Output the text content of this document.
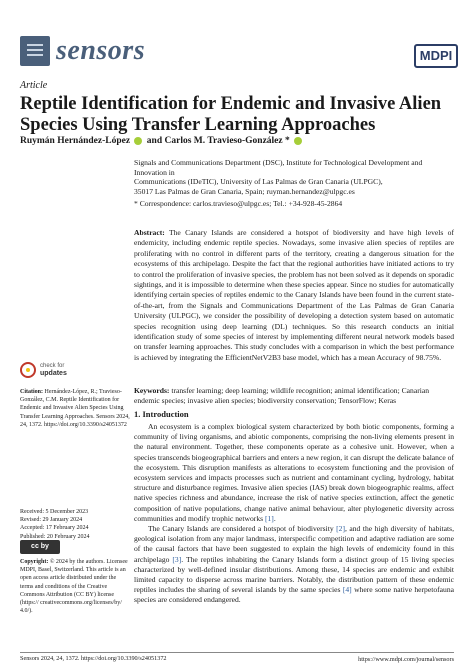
sensors	MDPI
Article
Reptile Identification for Endemic and Invasive Alien Species Using Transfer Learning Approaches
Ruymán Hernández-López and Carlos M. Travieso-González *
Signals and Communications Department (DSC), Institute for Technological Development and Innovation in
Communications (IDeTIC), University of Las Palmas de Gran Canaria (ULPGC),
35017 Las Palmas de Gran Canaria, Spain; ruyman.hernandez@ulpgc.es
* Correspondence: carlos.travieso@ulpgc.es; Tel.: +34-928-45-2864
Abstract: The Canary Islands are considered a hotspot of biodiversity and have high levels of endemicity, including endemic reptile species. Nowadays, some invasive alien species of reptiles are proliferating with no control in different parts of the territory, creating a dangerous situation for the ecosystems of this archipelago. Despite the fact that the regional authorities have initiated actions to try to control the proliferation of invasive species, the problem has not been solved as it depends on sporadic sightings, and it is impossible to determine when these species appear. Since no studies for automatically identifying certain species of reptiles endemic to the Canary Islands have been found in the current state-of-the-art, from the Signals and Communications Department of the Las Palmas de Gran Canaria University (ULPGC), we consider the possibility of developing a detection system based on automatic species recognition using deep learning (DL) techniques. So this research conducts an initial identification study of some species of interest by implementing different neural network models based on transfer learning approaches. This study concludes with a comparison in which the best performance is achieved by integrating the EfficientNetV2B3 base model, which has a mean Accuracy of 98.75%.
Keywords: transfer learning; deep learning; wildlife recognition; animal identification; Canarian endemic species; invasive alien species; biodiversity conservation; TensorFlow; Keras
1. Introduction

An ecosystem is a complex biological system characterized by both biotic components, forming a community of living organisms, and abiotic components, comprising the non-living elements present in the natural environment. Together, these components operate as a cohesive unit. However, when a species transcends biogeographical barriers and enters a new region, it can disrupt the delicate balance of the ecosystem. This disruption manifests as alterations to ecosystem functioning and the provision of ecosystem services and impacts processes such as nutrient and contaminant cycling, hydrology, habitat structure and disturbance regimes. Invasive alien species (IAS) break down biogeographic realms, affect native species richness and abundance, increase the risk of native species extinction, affect the genetic composition of native populations, change native animal behaviour, alter phylogenetic diversity across communities and modify trophic networks [1].

The Canary Islands are considered a hotspot of biodiversity [2], and the high diversity of habitats, geological isolation from any major landmass, interspecific competition and adaptive radiation are some of the causal factors that have been suggested to explain the high levels of endemicity found in this archipelago [3]. The reptiles inhabiting the Canary Islands form a distinct group of 15 living species characterized by well-defined insular distributions. Among these, 14 species are endemic and exhibit limited capacity to disperse across marine barriers. Notably, the distribution pattern of these endemic reptiles includes the sharing of several islands by the same species [4] where some native herpetofauna species are considered endangered.

check for
updates
Citation: Hernández-López, R.; Travieso-González, C.M. Reptile Identification for Endemic and Invasive Alien Species Using Transfer Learning Approaches. Sensors 2024, 24, 1372. https://doi.org/10.3390/s24051372
Received: 5 December 2023
Revised: 29 January 2024
Accepted: 17 February 2024
Published: 20 February 2024
cc by
Copyright: © 2024 by the authors. Licensee MDPI, Basel, Switzerland. This article is an open access article distributed under the terms and conditions of the Creative Commons Attribution (CC BY) license (https:// creativecommons.org/licenses/by/ 4.0/).
Sensors 2024, 24, 1372. https://doi.org/10.3390/s24051372	https://www.mdpi.com/journal/sensors
